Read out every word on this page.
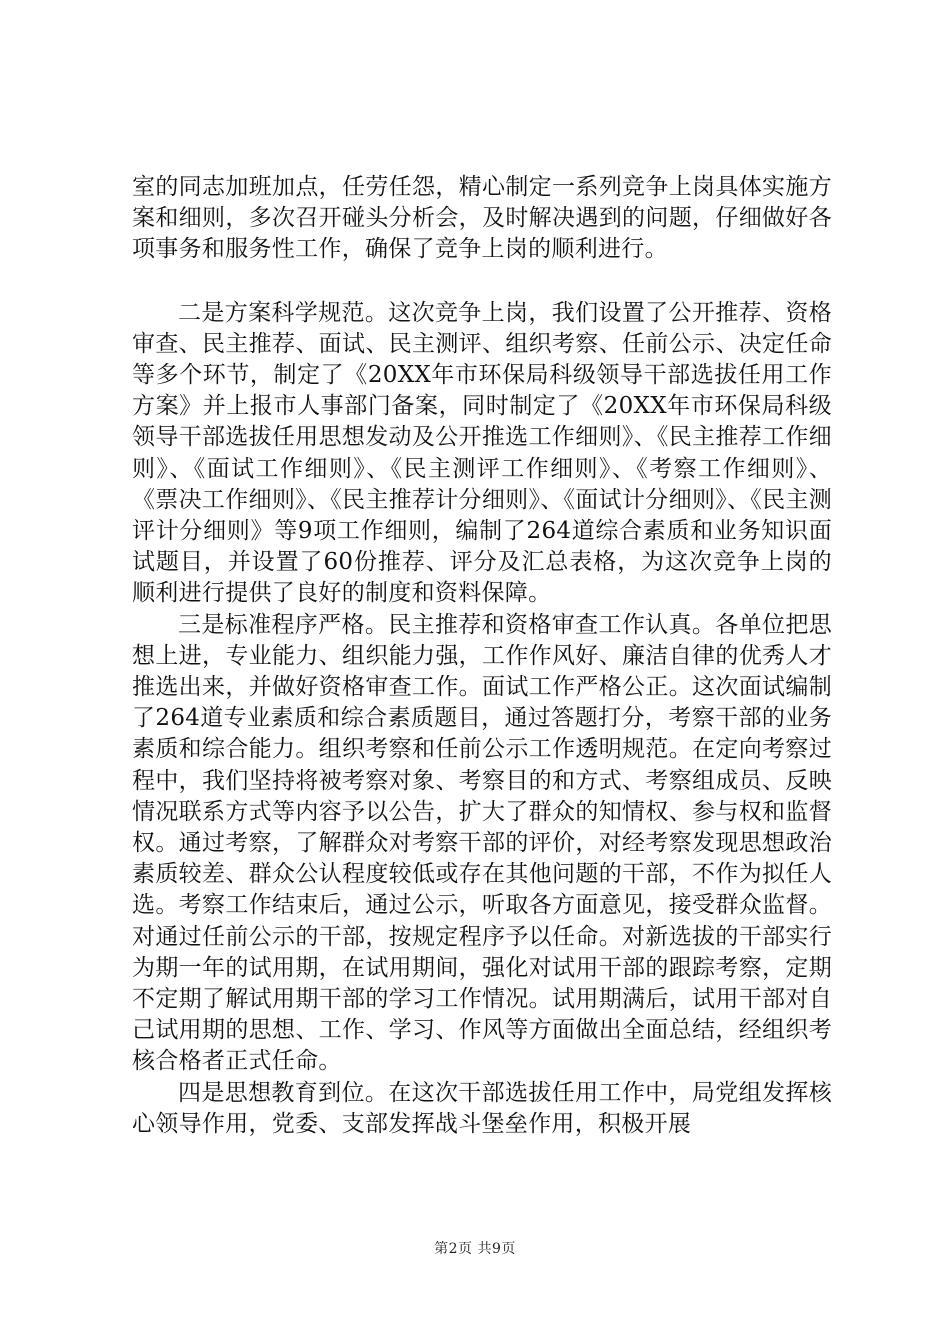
室的同志加班加点，任劳任怨，精心制定一系列竞争上岗具体实施方案和细则，多次召开碰头分析会，及时解决遇到的问题，仔细做好各项事务和服务性工作，确保了竞争上岗的顺利进行。

二是方案科学规范。这次竞争上岗，我们设置了公开推荐、资格审查、民主推荐、面试、民主测评、组织考察、任前公示、决定任命等多个环节，制定了《20XX年市环保局科级领导干部选拔任用工作方案》并上报市人事部门备案，同时制定了《20XX年市环保局科级领导干部选拔任用思想发动及公开推选工作细则》、《民主推荐工作细则》、《面试工作细则》、《民主测评工作细则》、《考察工作细则》、《票决工作细则》、《民主推荐计分细则》、《面试计分细则》、《民主测评计分细则》等9项工作细则，编制了264道综合素质和业务知识面试题目，并设置了60份推荐、评分及汇总表格，为这次竞争上岗的顺利进行提供了良好的制度和资料保障。

三是标准程序严格。民主推荐和资格审查工作认真。各单位把思想上进，专业能力、组织能力强，工作作风好、廉洁自律的优秀人才推选出来，并做好资格审查工作。面试工作严格公正。这次面试编制了264道专业素质和综合素质题目，通过答题打分，考察干部的业务素质和综合能力。组织考察和任前公示工作透明规范。在定向考察过程中，我们坚持将被考察对象、考察目的和方式、考察组成员、反映情况联系方式等内容予以公告，扩大了群众的知情权、参与权和监督权。通过考察，了解群众对考察干部的评价，对经考察发现思想政治素质较差、群众公认程度较低或存在其他问题的干部，不作为拟任人选。考察工作结束后，通过公示，听取各方面意见，接受群众监督。对通过任前公示的干部，按规定程序予以任命。对新选拔的干部实行为期一年的试用期，在试用期间，强化对试用干部的跟踪考察，定期不定期了解试用期干部的学习工作情况。试用期满后，试用干部对自己试用期的思想、工作、学习、作风等方面做出全面总结，经组织考核合格者正式任命。

四是思想教育到位。在这次干部选拔任用工作中，局党组发挥核心领导作用，党委、支部发挥战斗堡垒作用，积极开展

第2页 共9页
